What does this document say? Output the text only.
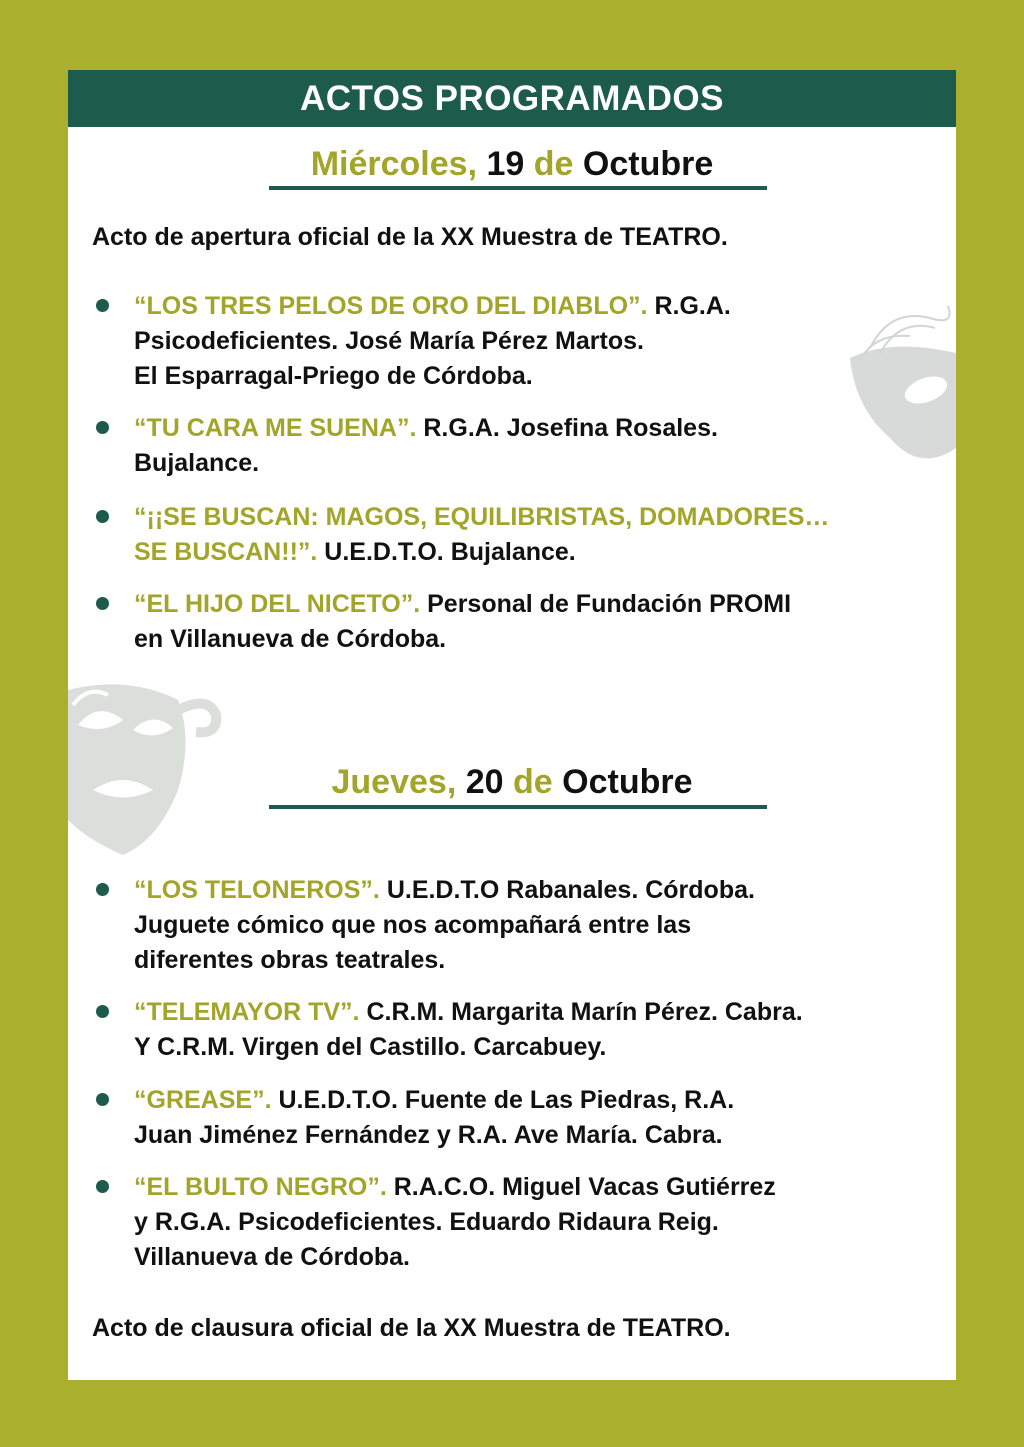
ACTOS PROGRAMADOS
Miércoles, 19 de Octubre
Acto de apertura oficial de la XX Muestra de TEATRO.
“LOS TRES PELOS DE ORO DEL DIABLO”. R.G.A.
Psicodeficientes. José María Pérez Martos.
El Esparragal-Priego de Córdoba.
“TU CARA ME SUENA”. R.G.A. Josefina Rosales.
Bujalance.
“¡¡SE BUSCAN: MAGOS, EQUILIBRISTAS, DOMADORES…
SE BUSCAN!!”. U.E.D.T.O. Bujalance.
“EL HIJO DEL NICETO”. Personal de Fundación PROMI
en Villanueva de Córdoba.
Jueves, 20 de Octubre
“LOS TELONEROS”. U.E.D.T.O Rabanales. Córdoba.
Juguete cómico que nos acompañará entre las
diferentes obras teatrales.
“TELEMAYOR TV”. C.R.M. Margarita Marín Pérez. Cabra.
Y C.R.M. Virgen del Castillo. Carcabuey.
“GREASE”. U.E.D.T.O. Fuente de Las Piedras, R.A.
Juan Jiménez Fernández y R.A. Ave María. Cabra.
“EL BULTO NEGRO”. R.A.C.O. Miguel Vacas Gutiérrez
y R.G.A. Psicodeficientes. Eduardo Ridaura Reig.
Villanueva de Córdoba.
Acto de clausura oficial de la XX Muestra de TEATRO.
